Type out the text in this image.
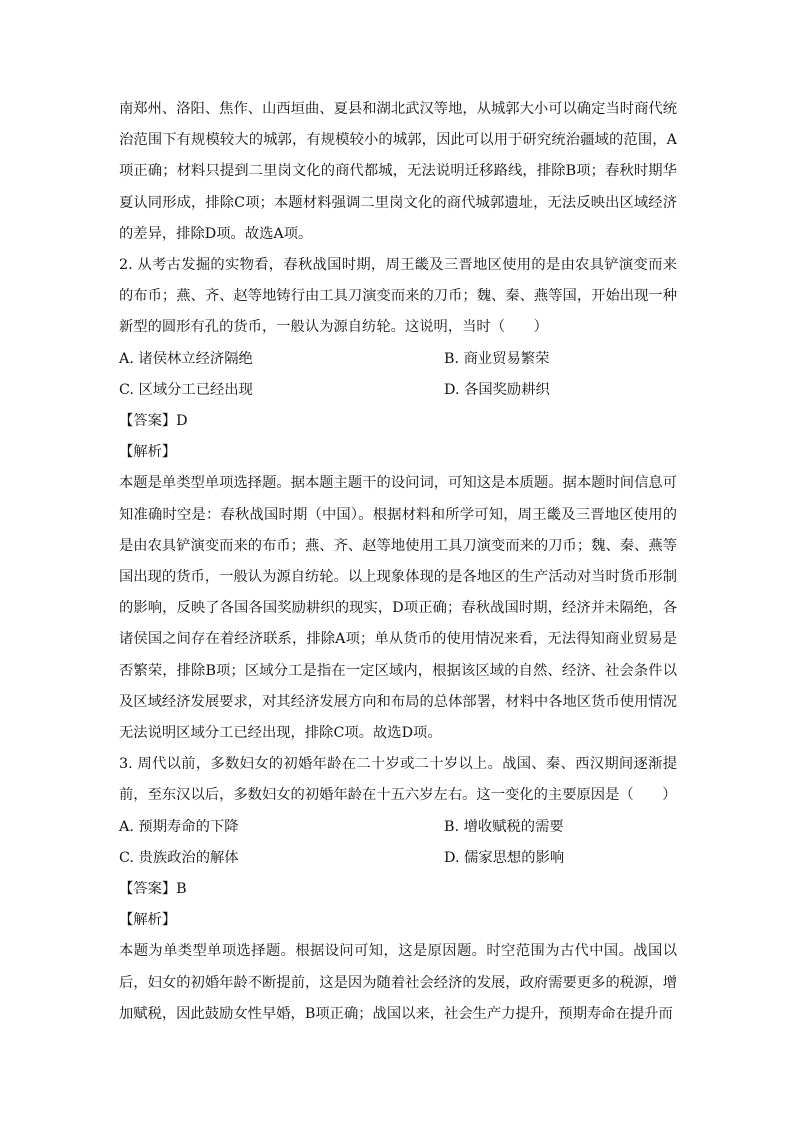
南郑州、洛阳、焦作、山西垣曲、夏县和湖北武汉等地，从城郭大小可以确定当时商代统治范围下有规模较大的城郭，有规模较小的城郭，因此可以用于研究统治疆域的范围，A项正确；材料只提到二里岗文化的商代都城，无法说明迁移路线，排除B项；春秋时期华夏认同形成，排除C项；本题材料强调二里岗文化的商代城郭遗址，无法反映出区域经济的差异，排除D项。故选A项。

2. 从考古发掘的实物看，春秋战国时期，周王畿及三晋地区使用的是由农具铲演变而来的布币；燕、齐、赵等地铸行由工具刀演变而来的刀币；魏、秦、燕等国，开始出现一种新型的圆形有孔的货币，一般认为源自纺轮。这说明，当时（　　）

A. 诸侯林立经济隔绝	B. 商业贸易繁荣
C. 区域分工已经出现	D. 各国奖励耕织
【答案】D
【解析】

本题是单类型单项选择题。据本题主题干的设问词，可知这是本质题。据本题时间信息可知准确时空是：春秋战国时期（中国）。根据材料和所学可知，周王畿及三晋地区使用的是由农具铲演变而来的布币；燕、齐、赵等地使用工具刀演变而来的刀币；魏、秦、燕等国出现的货币，一般认为源自纺轮。以上现象体现的是各地区的生产活动对当时货币形制的影响，反映了各国各国奖励耕织的现实，D项正确；春秋战国时期，经济并未隔绝，各诸侯国之间存在着经济联系，排除A项；单从货币的使用情况来看，无法得知商业贸易是否繁荣，排除B项；区域分工是指在一定区域内，根据该区域的自然、经济、社会条件以及区域经济发展要求，对其经济发展方向和布局的总体部署，材料中各地区货币使用情况无法说明区域分工已经出现，排除C项。故选D项。

3. 周代以前，多数妇女的初婚年龄在二十岁或二十岁以上。战国、秦、西汉期间逐渐提前，至东汉以后，多数妇女的初婚年龄在十五六岁左右。这一变化的主要原因是（　　）

A. 预期寿命的下降	B. 增收赋税的需要
C. 贵族政治的解体	D. 儒家思想的影响
【答案】B
【解析】

本题为单类型单项选择题。根据设问可知，这是原因题。时空范围为古代中国。战国以后，妇女的初婚年龄不断提前，这是因为随着社会经济的发展，政府需要更多的税源，增加赋税，因此鼓励女性早婚，B项正确；战国以来，社会生产力提升，预期寿命在提升而
